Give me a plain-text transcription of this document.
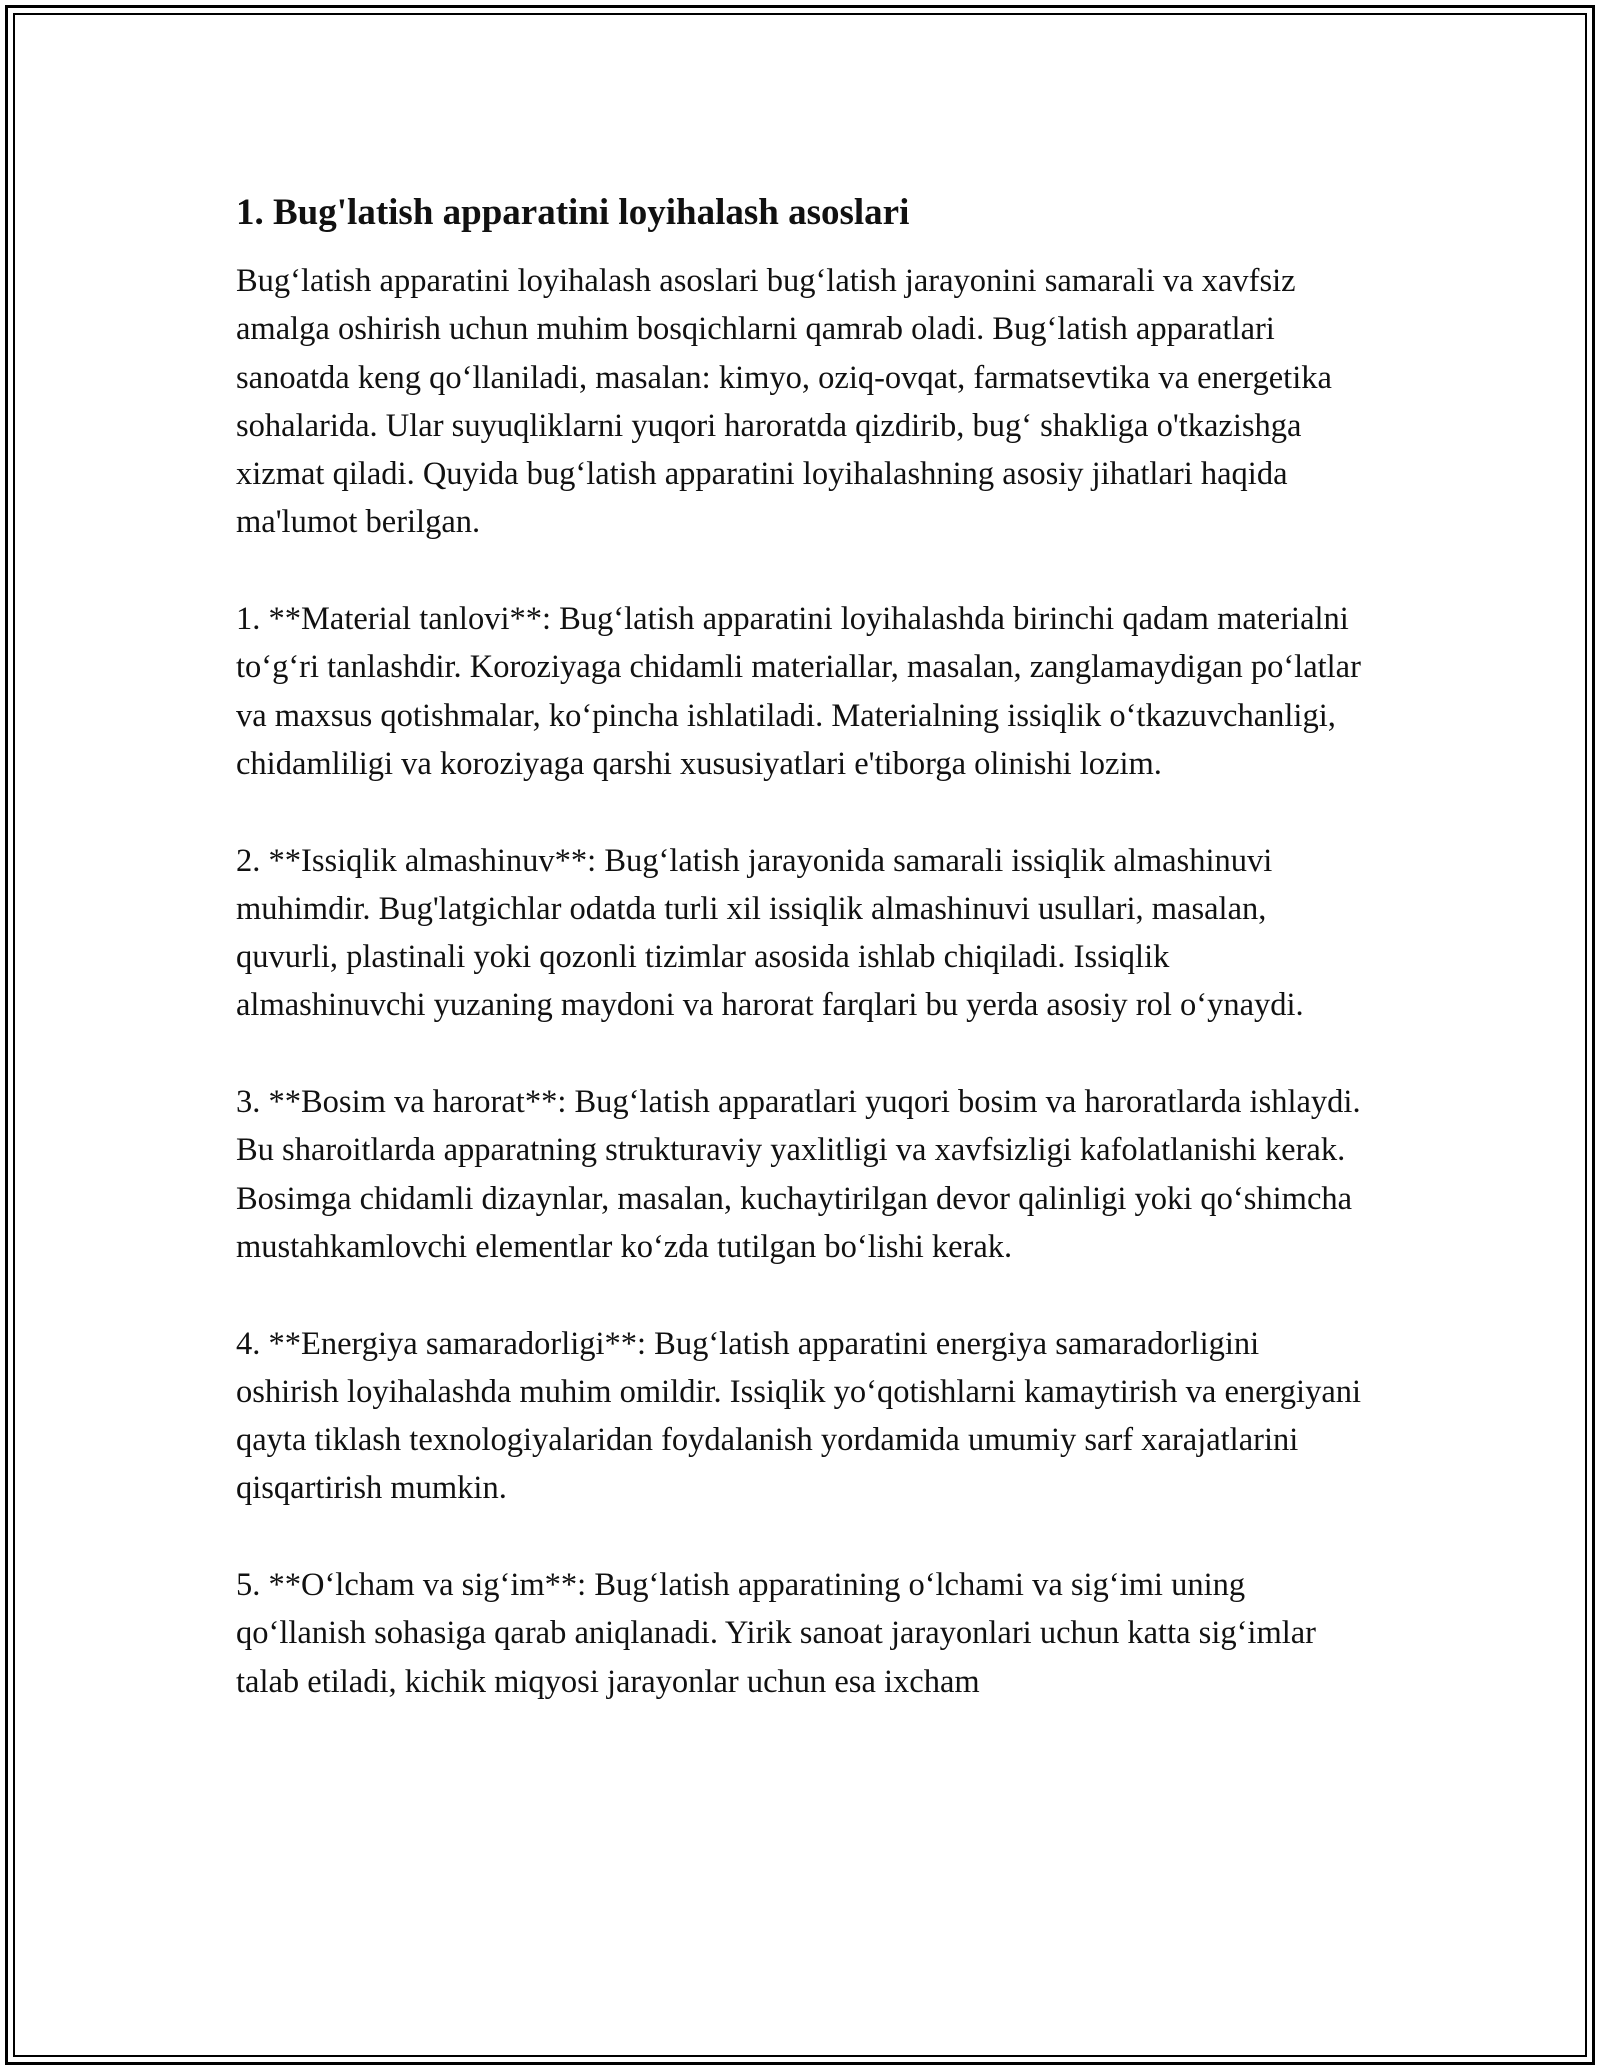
1. Bug'latish apparatini loyihalash asoslari

Bug‘latish apparatini loyihalash asoslari bug‘latish jarayonini samarali va xavfsiz amalga oshirish uchun muhim bosqichlarni qamrab oladi. Bug‘latish apparatlari sanoatda keng qo‘llaniladi, masalan: kimyo, oziq-ovqat, farmatsevtika va energetika sohalarida. Ular suyuqliklarni yuqori haroratda qizdirib, bug‘ shakliga o'tkazishga xizmat qiladi. Quyida bug‘latish apparatini loyihalashning asosiy jihatlari haqida ma'lumot berilgan.

1. **Material tanlovi**: Bug‘latish apparatini loyihalashda birinchi qadam materialni to‘g‘ri tanlashdir. Koroziyaga chidamli materiallar, masalan, zanglamaydigan po‘latlar va maxsus qotishmalar, ko‘pincha ishlatiladi. Materialning issiqlik o‘tkazuvchanligi, chidamliligi va koroziyaga qarshi xususiyatlari e'tiborga olinishi lozim.

2. **Issiqlik almashinuv**: Bug‘latish jarayonida samarali issiqlik almashinuvi muhimdir. Bug'latgichlar odatda turli xil issiqlik almashinuvi usullari, masalan, quvurli, plastinali yoki qozonli tizimlar asosida ishlab chiqiladi. Issiqlik almashinuvchi yuzaning maydoni va harorat farqlari bu yerda asosiy rol o‘ynaydi.

3. **Bosim va harorat**: Bug‘latish apparatlari yuqori bosim va haroratlarda ishlaydi. Bu sharoitlarda apparatning strukturaviy yaxlitligi va xavfsizligi kafolatlanishi kerak. Bosimga chidamli dizaynlar, masalan, kuchaytirilgan devor qalinligi yoki qo‘shimcha mustahkamlovchi elementlar ko‘zda tutilgan bo‘lishi kerak.

4. **Energiya samaradorligi**: Bug‘latish apparatini energiya samaradorligini oshirish loyihalashda muhim omildir. Issiqlik yo‘qotishlarni kamaytirish va energiyani qayta tiklash texnologiyalaridan foydalanish yordamida umumiy sarf xarajatlarini qisqartirish mumkin.

5. **O‘lcham va sig‘im**: Bug‘latish apparatining o‘lchami va sig‘imi uning qo‘llanish sohasiga qarab aniqlanadi. Yirik sanoat jarayonlari uchun katta sig‘imlar talab etiladi, kichik miqyosi jarayonlar uchun esa ixcham
